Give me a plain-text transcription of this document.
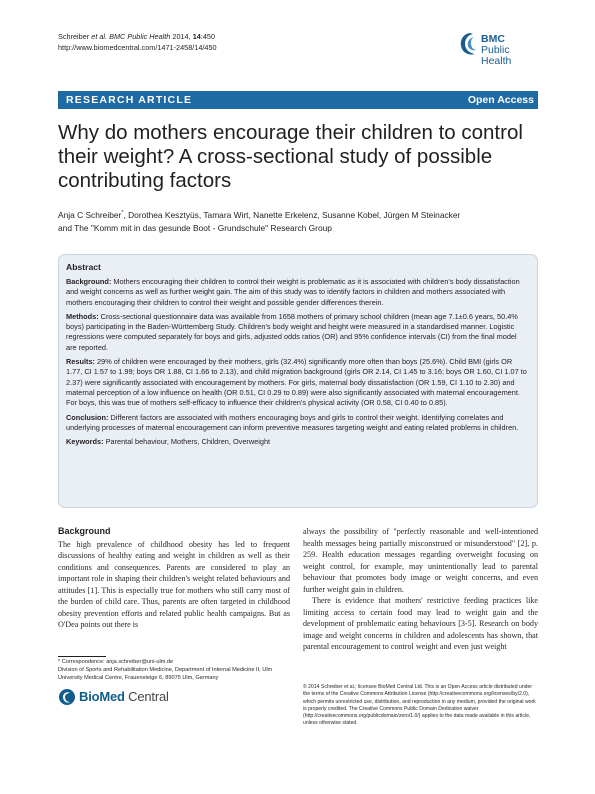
Schreiber et al. BMC Public Health 2014, 14:450
http://www.biomedcentral.com/1471-2458/14/450
BMC
Public Health
RESEARCH ARTICLE	Open Access
Why do mothers encourage their children to control their weight? A cross-sectional study of possible contributing factors
Anja C Schreiber*, Dorothea Kesztyüs, Tamara Wirt, Nanette Erkelenz, Susanne Kobel, Jürgen M Steinacker
and The "Komm mit in das gesunde Boot - Grundschule" Research Group
Abstract

Background: Mothers encouraging their children to control their weight is problematic as it is associated with children's body dissatisfaction and weight concerns as well as further weight gain. The aim of this study was to identify factors in children and mothers associated with mothers encouraging their children to control their weight and possible gender differences therein.

Methods: Cross-sectional questionnaire data was available from 1658 mothers of primary school children (mean age 7.1±0.6 years, 50.4% boys) participating in the Baden-Württemberg Study. Children's body weight and height were measured in a standardised manner. Logistic regressions were computed separately for boys and girls, adjusted odds ratios (OR) and 95% confidence intervals (CI) from the final model are reported.

Results: 29% of children were encouraged by their mothers, girls (32.4%) significantly more often than boys (25.6%). Child BMI (girls OR 1.77, CI 1.57 to 1.99; boys OR 1.88, CI 1.66 to 2.13), and child migration background (girls OR 2.14, CI 1.45 to 3.16; boys OR 1.60, CI 1.07 to 2.37) were significantly associated with encouragement by mothers. For girls, maternal body dissatisfaction (OR 1.59, CI 1.10 to 2.30) and maternal perception of a low influence on health (OR 0.51, CI 0.29 to 0.89) were also significantly associated with maternal encouragement. For boys, this was true of mothers self-efficacy to influence their children's physical activity (OR 0.58, CI 0.40 to 0.85).

Conclusion: Different factors are associated with mothers encouraging boys and girls to control their weight. Identifying correlates and underlying processes of maternal encouragement can inform preventive measures targeting weight and eating related problems in children.

Keywords: Parental behaviour, Mothers, Children, Overweight

Background

The high prevalence of childhood obesity has led to frequent discussions of healthy eating and weight in children as well as their conditions and consequences. Parents are considered to play an important role in shaping their children's weight related behaviours and attitudes [1]. This is especially true for mothers who still carry most of the burden of child care. Thus, parents are often targeted in childhood obesity prevention efforts and related public health campaigns. But as O'Dea points out there is

always the possibility of "perfectly reasonable and well-intentioned health messages being partially misconstrued or misunderstood" [2], p. 259. Health education messages regarding overweight focusing on weight control, for example, may unintentionally lead to parental behaviour that promotes body image or weight concerns, and even further weight gain in children.

There is evidence that mothers' restrictive feeding practices like limiting access to certain food may lead to weight gain and the development of problematic eating behaviours [3-5]. Research on body image and weight concerns in children and adolescents has shown, that parental encouragement to control weight and even just weight

* Correspondence: anja.schreiber@uni-ulm.de
Division of Sports and Rehabilitation Medicine, Department of Internal Medicine II, Ulm University Medical Centre, Frauensteige 6, 89075 Ulm, Germany
BioMed Central
© 2014 Schreiber et al.; licensee BioMed Central Ltd. This is an Open Access article distributed under the terms of the Creative Commons Attribution License (http://creativecommons.org/licenses/by/2.0), which permits unrestricted use, distribution, and reproduction in any medium, provided the original work is properly credited. The Creative Commons Public Domain Dedication waiver (http://creativecommons.org/publicdomain/zero/1.0/) applies to the data made available in this article, unless otherwise stated.
